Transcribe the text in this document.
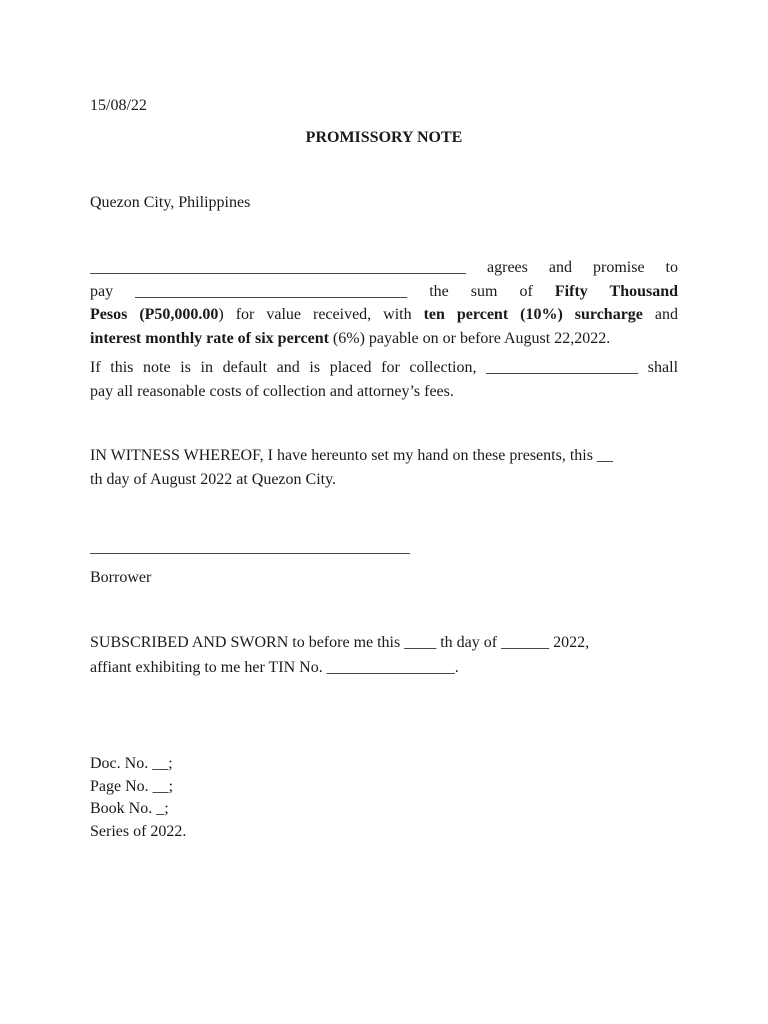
15/08/22
PROMISSORY NOTE
Quezon City, Philippines
_______________________________________________ agrees and promise to
pay __________________________________ the sum of Fifty Thousand
Pesos (P50,000.00) for value received, with ten percent (10%) surcharge and
interest monthly rate of six percent (6%) payable on or before August 22,2022.
If this note is in default and is placed for collection, ___________________ shall
pay all reasonable costs of collection and attorney’s fees.
IN WITNESS WHEREOF, I have hereunto set my hand on these presents, this __
th day of August 2022 at Quezon City.
________________________________________
Borrower
SUBSCRIBED AND SWORN to before me this ____ th day of ______ 2022,
affiant exhibiting to me her TIN No. ________________.
Doc. No. __;
Page No. __;
Book No. _;
Series of 2022.
